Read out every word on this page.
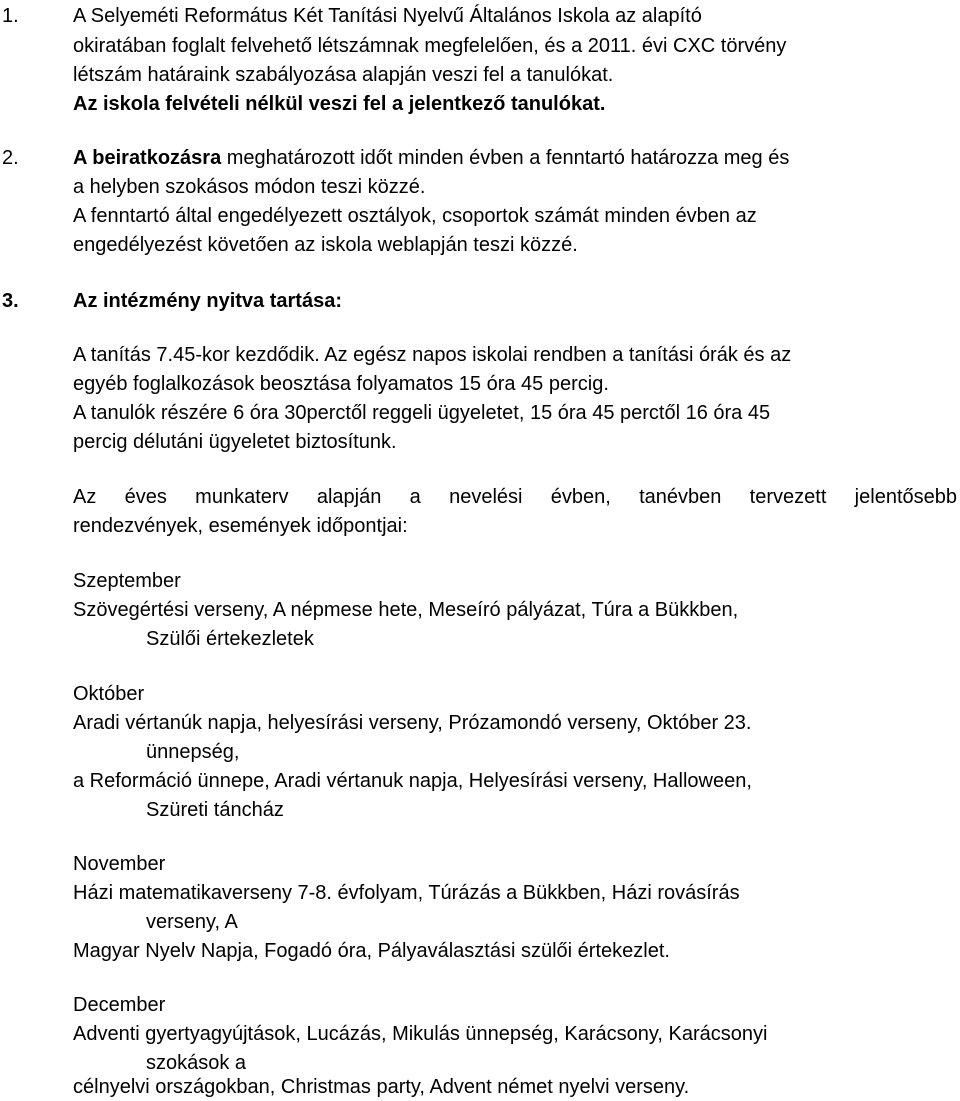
1.	A Selyeméti Református Két Tanítási Nyelvű Általános Iskola az alapító
okiratában foglalt felvehető létszámnak megfelelően, és a 2011. évi CXC törvény
létszám határaink szabályozása alapján veszi fel a tanulókat.
Az iskola felvételi nélkül veszi fel a jelentkező tanulókat.
2.	A beiratkozásra meghatározott időt minden évben a fenntartó határozza meg és
a helyben szokásos módon teszi közzé.
A fenntartó által engedélyezett osztályok, csoportok számát minden évben az
engedélyezést követően az iskola weblapján teszi közzé.
3.	Az intézmény nyitva tartása:
A tanítás 7.45-kor kezdődik. Az egész napos iskolai rendben a tanítási órák és az
egyéb foglalkozások beosztása folyamatos 15 óra 45 percig.
A tanulók részére 6 óra 30perctől reggeli ügyeletet, 15 óra 45 perctől 16 óra 45
percig délutáni ügyeletet biztosítunk.
Az éves munkaterv alapján a nevelési évben, tanévben tervezett jelentősebb
rendezvények, események időpontjai:
Szeptember
Szövegértési verseny, A népmese hete, Meseíró pályázat, Túra a Bükkben,
Szülői értekezletek
Október
Aradi vértanúk napja, helyesírási verseny, Prózamondó verseny, Október 23.
ünnepség,
a Reformáció ünnepe, Aradi vértanuk napja, Helyesírási verseny, Halloween,
Szüreti táncház
November
Házi matematikaverseny 7-8. évfolyam, Túrázás a Bükkben, Házi rovásírás
verseny, A
Magyar Nyelv Napja, Fogadó óra, Pályaválasztási szülői értekezlet.
December
Adventi gyertyagyújtások, Lucázás, Mikulás ünnepség, Karácsony, Karácsonyi
szokások a
célnyelvi országokban, Christmas party, Advent német nyelvi verseny.
